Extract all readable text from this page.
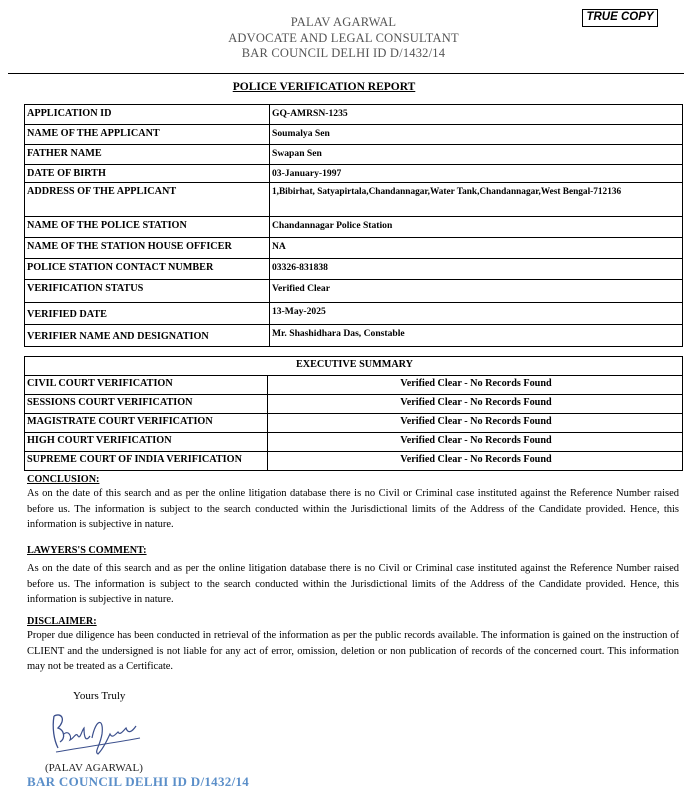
TRUE COPY
PALAV AGARWAL
ADVOCATE AND LEGAL CONSULTANT
BAR COUNCIL DELHI ID D/1432/14
POLICE VERIFICATION REPORT
APPLICATION ID	GQ-AMRSN-1235
NAME OF THE APPLICANT	Soumalya Sen
FATHER NAME	Swapan Sen
DATE OF BIRTH	03-January-1997
ADDRESS OF THE APPLICANT	1,Bibirhat, Satyapirtala,Chandannagar,Water Tank,Chandannagar,West Bengal-712136
NAME OF THE POLICE STATION	Chandannagar Police Station
NAME OF THE STATION HOUSE OFFICER	NA
POLICE STATION CONTACT NUMBER	03326-831838
VERIFICATION STATUS	Verified Clear
VERIFIED DATE	13-May-2025
VERIFIER NAME AND DESIGNATION	Mr. Shashidhara Das, Constable
EXECUTIVE SUMMARY	
CIVIL COURT VERIFICATION	Verified Clear - No Records Found
SESSIONS COURT VERIFICATION	Verified Clear - No Records Found
MAGISTRATE COURT VERIFICATION	Verified Clear - No Records Found
HIGH COURT VERIFICATION	Verified Clear - No Records Found
SUPREME COURT OF INDIA VERIFICATION	Verified Clear - No Records Found
CONCLUSION:
As on the date of this search and as per the online litigation database there is no Civil or Criminal case instituted against the Reference Number raised before us. The information is subject to the search conducted within the Jurisdictional limits of the Address of the Candidate provided. Hence, this information is subjective in nature.
LAWYERS'S COMMENT:
As on the date of this search and as per the online litigation database there is no Civil or Criminal case instituted against the Reference Number raised before us. The information is subject to the search conducted within the Jurisdictional limits of the Address of the Candidate provided. Hence, this information is subjective in nature.
DISCLAIMER:
Proper due diligence has been conducted in retrieval of the information as per the public records available. The information is gained on the instruction of CLIENT and the undersigned is not liable for any act of error, omission, deletion or non publication of records of the concerned court. This information may not be treated as a Certificate.
Yours Truly
(PALAV AGARWAL)
BAR COUNCIL DELHI ID D/1432/14
